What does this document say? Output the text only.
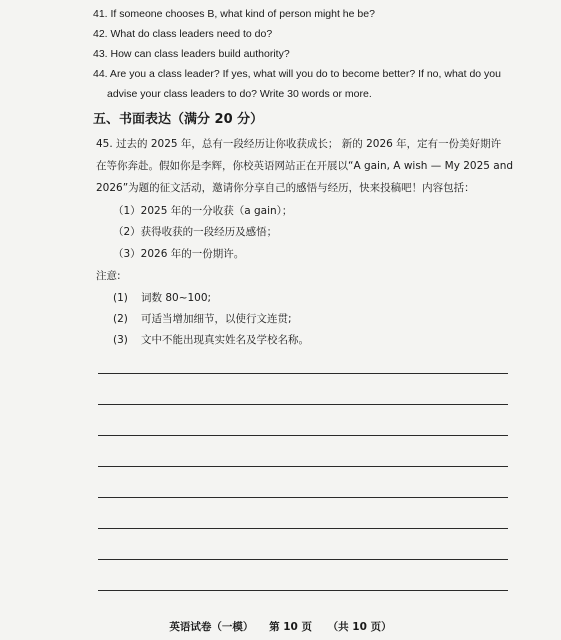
41. If someone chooses B, what kind of person might he be?
42. What do class leaders need to do?
43. How can class leaders build authority?
44. Are you a class leader? If yes, what will you do to become better? If no, what do you
advise your class leaders to do? Write 30 words or more.
五、书面表达（满分 20 分）
45. 过去的 2025 年，总有一段经历让你收获成长； 新的 2026 年，定有一份美好期许
在等你奔赴。假如你是李辉，你校英语网站正在开展以“A gain, A wish — My 2025 and
2026”为题的征文活动，邀请你分享自己的感悟与经历，快来投稿吧！内容包括：
（1）2025 年的一分收获（a gain）；
（2）获得收获的一段经历及感悟；
（3）2026 年的一份期许。
注意:
(1) 词数 80~100;
(2) 可适当增加细节，以使行文连贯;
(3) 文中不能出现真实姓名及学校名称。
英语试卷（一模） 第 10 页 （共 10 页）
